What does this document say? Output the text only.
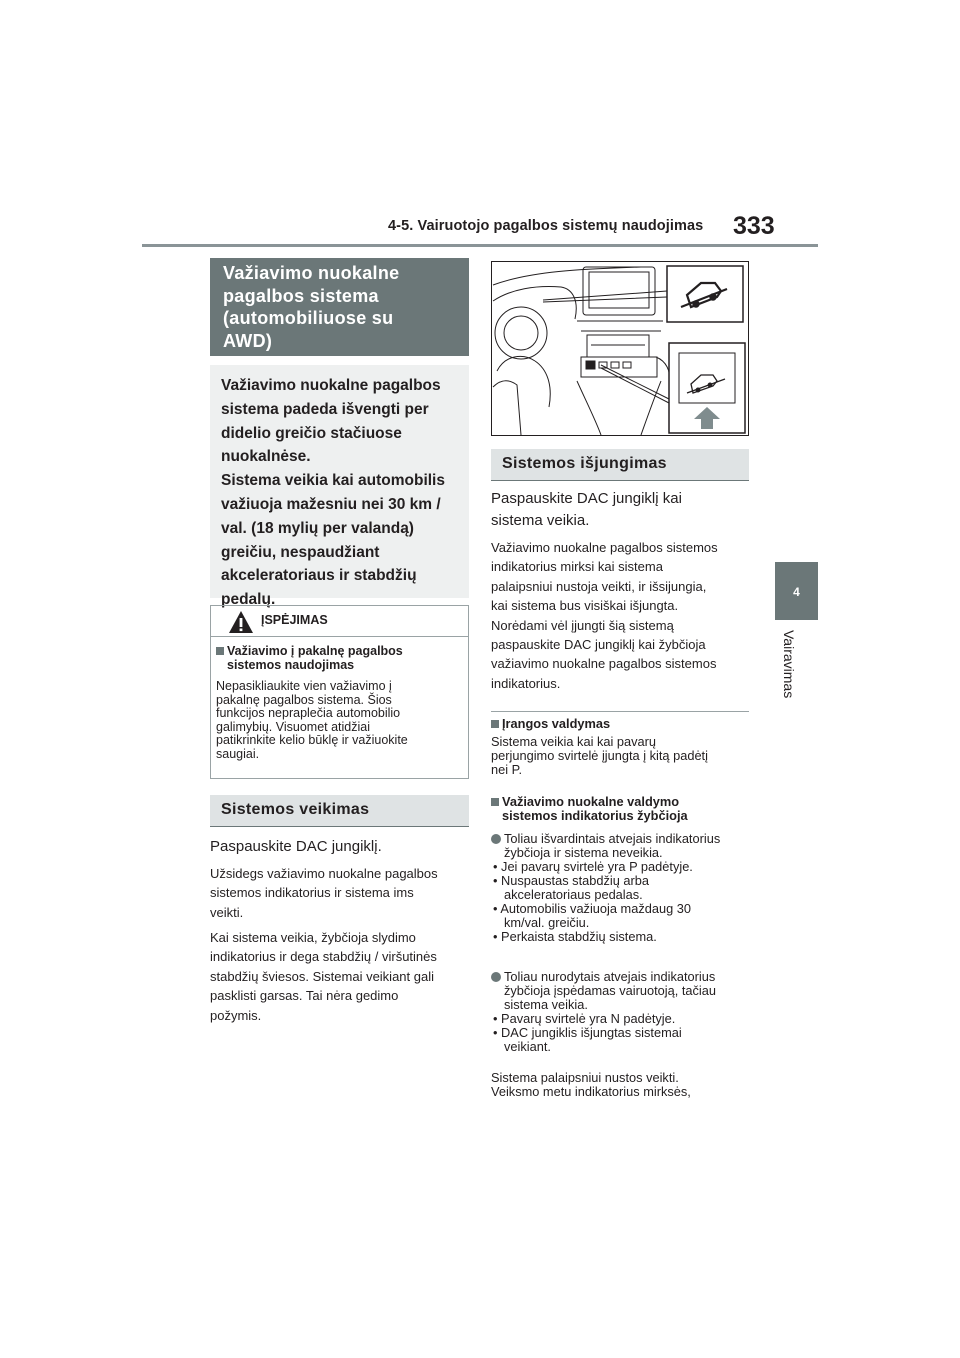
4-5. Vairuotojo pagalbos sistemų naudojimas 333
4
Vairavimas
Važiavimo nuokalne
pagalbos sistema
(automobiliuose su
AWD)
Važiavimo nuokalne pagalbos
sistema padeda išvengti per
didelio greičio stačiuose
nuokalnėse.
Sistema veikia kai automobilis
važiuoja mažesniu nei 30 km /
val. (18 mylių per valandą)
greičiu, nespaudžiant
akceleratoriaus ir stabdžių
pedalų.
ĮSPĖJIMAS
Važiavimo į pakalnę pagalbos
sistemos naudojimas
Nepasikliaukite vien važiavimo į
pakalnę pagalbos sistema. Šios
funkcijos nepraplečia automobilio
galimybių. Visuomet atidžiai
patikrinkite kelio būklę ir važiuokite
saugiai.
Sistemos veikimas
Paspauskite DAC jungiklį.
Užsidegs važiavimo nuokalne pagalbos
sistemos indikatorius ir sistema ims
veikti.
Kai sistema veikia, žybčioja slydimo
indikatorius ir dega stabdžių / viršutinės
stabdžių šviesos. Sistemai veikiant gali
pasklisti garsas. Tai nėra gedimo
požymis.
Sistemos išjungimas
Paspauskite DAC jungiklį kai
sistema veikia.
Važiavimo nuokalne pagalbos sistemos
indikatorius mirksi kai sistema
palaipsniui nustoja veikti, ir išsijungia,
kai sistema bus visiškai išjungta.
Norėdami vėl įjungti šią sistemą
paspauskite DAC jungiklį kai žybčioja
važiavimo nuokalne pagalbos sistemos
indikatorius.
Įrangos valdymas
Sistema veikia kai kai pavarų
perjungimo svirtelė įjungta į kitą padėtį
nei P.
Važiavimo nuokalne valdymo
sistemos indikatorius žybčioja
Toliau išvardintais atvejais indikatorius
žybčioja ir sistema neveikia.
• Jei pavarų svirtelė yra P padėtyje.
• Nuspaustas stabdžių arba
akceleratoriaus pedalas.
• Automobilis važiuoja maždaug 30
km/val. greičiu.
• Perkaista stabdžių sistema.
Toliau nurodytais atvejais indikatorius
žybčioja įspėdamas vairuotoją, tačiau
sistema veikia.
• Pavarų svirtelė yra N padėtyje.
• DAC jungiklis išjungtas sistemai
veikiant.
Sistema palaipsniui nustos veikti.
Veiksmo metu indikatorius mirksės,
